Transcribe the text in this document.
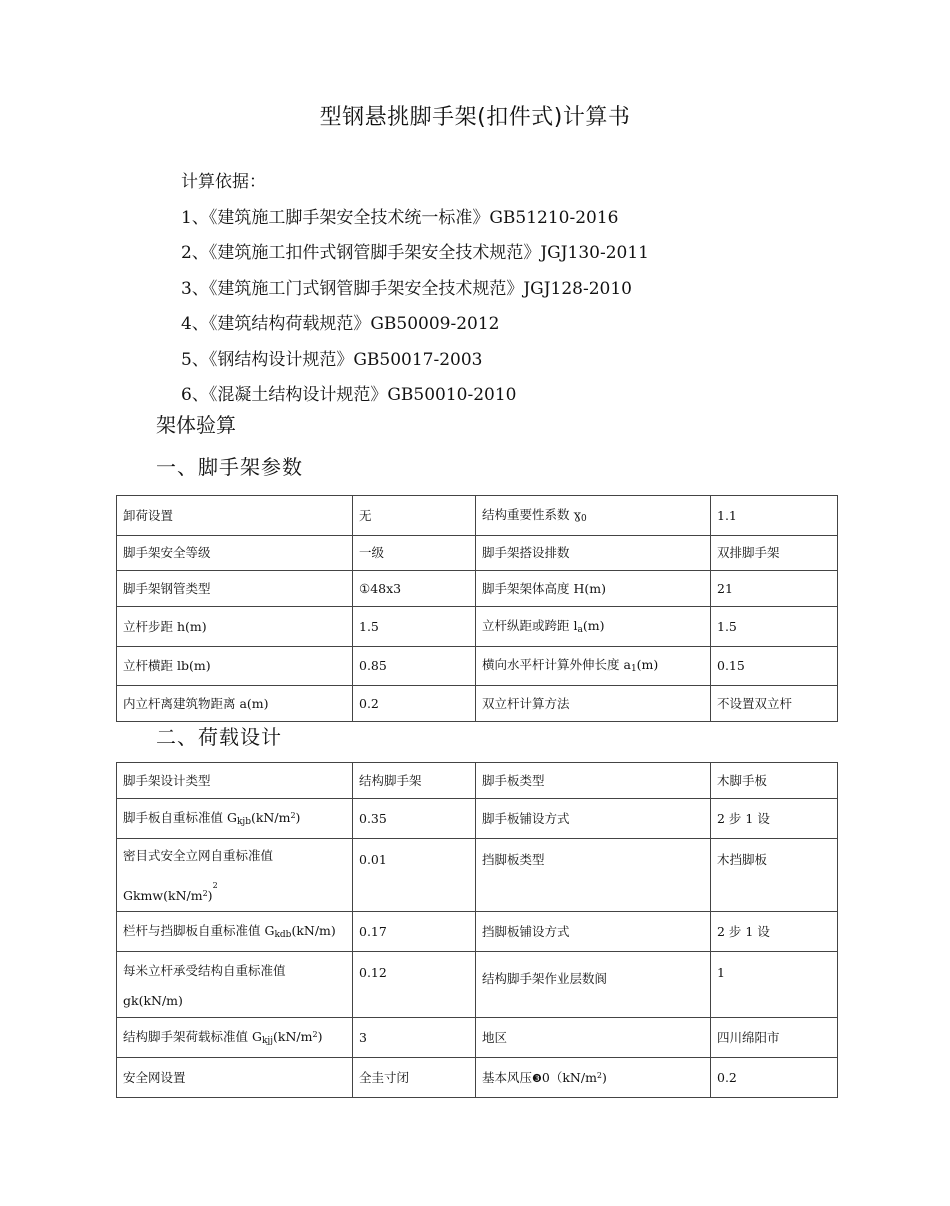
型钢悬挑脚手架(扣件式)计算书
计算依据：
1、《建筑施工脚手架安全技术统一标准》GB51210-2016
2、《建筑施工扣件式钢管脚手架安全技术规范》JGJ130-2011
3、《建筑施工门式钢管脚手架安全技术规范》JGJ128-2010
4、《建筑结构荷载规范》GB50009-2012
5、《钢结构设计规范》GB50017-2003
6、《混凝土结构设计规范》GB50010-2010
架体验算
一、脚手架参数
卸荷设置	无	结构重要性系数 ɣ$_0$	1.1
脚手架安全等级	一级	脚手架搭设排数	双排脚手架
脚手架钢管类型	①48x3	脚手架架体高度 H(m)	21
立杆步距 h(m)	1.5	立杆纵距或跨距 $l_a(m)$	1.5
立杆横距 lb(m)	0.85	横向水平杆计算外伸长度 $a_1(m)$	0.15
内立杆离建筑物距离 a(m)	0.2	双立杆计算方法	不设置双立杆
二、荷载设计
脚手架设计类型	结构脚手架	脚手板类型	木脚手板
脚手板自重标准值 $G_{kjb}(kN/m^2)$	0.35	脚手板铺设方式	2 步 1 设
密目式安全立网自重标准值
$Gkmw(kN/m^2)^2$	0.01	挡脚板类型	木挡脚板
栏杆与挡脚板自重标准值 $G_{kdb}(kN/m)$	0.17	挡脚板铺设方式	2 步 1 设
每米立杆承受结构自重标准值
gk(kN/m)	0.12	结构脚手架作业层数阆	1
结构脚手架荷载标准值 $G_{kjj}(kN/m^2)$	3	地区	四川绵阳市
安全网设置	全圭寸闭	基本风压$❸0(kN/m^2)$	0.2
